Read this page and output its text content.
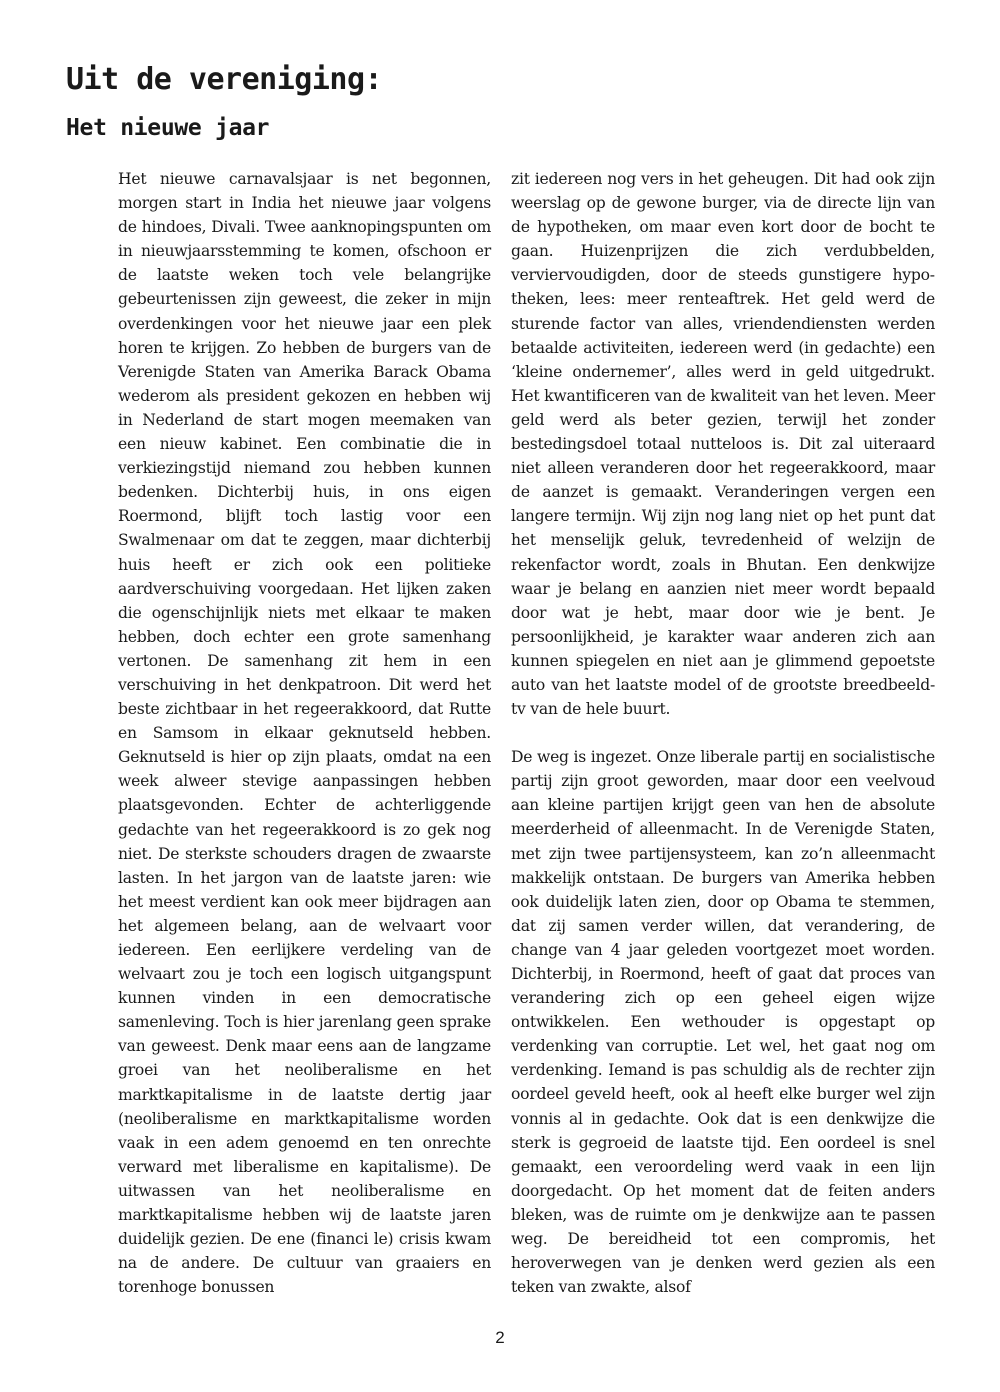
Uit de vereniging:
Het nieuwe jaar

Het nieuwe carnavalsjaar is net begonnen, morgen start in India het nieuwe jaar volgens de hindoes, Divali. Twee aanknopingspunten om in nieuwjaarsstemming te komen, ofschoon er de laatste weken toch vele belangrijke gebeurtenissen zijn geweest, die zeker in mijn overdenkingen voor het nieuwe jaar een plek horen te krijgen. Zo hebben de burgers van de Verenigde Staten van Amerika Barack Obama wederom als president gekozen en hebben wij in Nederland de start mogen meemaken van een nieuw kabinet. Een combinatie die in verkiezingstijd niemand zou hebben kunnen bedenken. Dichterbij huis, in ons eigen Roermond, blijft toch lastig voor een Swalmenaar om dat te zeggen, maar dichterbij huis heeft er zich ook een politieke aardverschuiving voorgedaan. Het lijken zaken die ogenschijnlijk niets met elkaar te maken hebben, doch echter een grote samenhang vertonen. De samenhang zit hem in een verschuiving in het denkpatroon. Dit werd het beste zichtbaar in het regeerakkoord, dat Rutte en Samsom in elkaar geknutseld hebben. Geknutseld is hier op zijn plaats, omdat na een week alweer stevige aanpassingen hebben plaatsgevonden. Echter de achterliggende gedachte van het regeerakkoord is zo gek nog niet. De sterkste schouders dragen de zwaarste lasten. In het jargon van de laatste jaren: wie het meest verdient kan ook meer bijdragen aan het algemeen belang, aan de welvaart voor iedereen. Een eerlijkere verdeling van de welvaart zou je toch een logisch uitgangspunt kunnen vinden in een democratische samenleving. Toch is hier jarenlang geen sprake van geweest. Denk maar eens aan de langzame groei van het neoliberalisme en het marktkapitalisme in de laatste dertig jaar (neoliberalisme en marktkapitalisme worden vaak in een adem genoemd en ten onrechte verward met liberalisme en kapitalisme). De uitwassen van het neoliberalisme en marktkapitalisme hebben wij de laatste jaren duidelijk gezien. De ene (financi le) crisis kwam na de andere. De cultuur van graaiers en torenhoge bonussen

zit iedereen nog vers in het geheugen. Dit had ook zijn weerslag op de gewone burger, via de directe lijn van de hypotheken, om maar even kort door de bocht te gaan. Huizenprijzen die zich verdubbelden, verviervoudigden, door de steeds gunstigere hypotheken, lees: meer renteaftrek. Het geld werd de sturende factor van alles, vriendendiensten werden betaalde activiteiten, iedereen werd (in gedachte) een ‘kleine ondernemer’, alles werd in geld uitgedrukt. Het kwantificeren van de kwaliteit van het leven. Meer geld werd als beter gezien, terwijl het zonder bestedingsdoel totaal nutteloos is. Dit zal uiteraard niet alleen veranderen door het regeerakkoord, maar de aanzet is gemaakt. Veranderingen vergen een langere termijn. Wij zijn nog lang niet op het punt dat het menselijk geluk, tevredenheid of welzijn de rekenfactor wordt, zoals in Bhutan. Een denkwijze waar je belang en aanzien niet meer wordt bepaald door wat je hebt, maar door wie je bent. Je persoonlijkheid, je karakter waar anderen zich aan kunnen spiegelen en niet aan je glimmend gepoetste auto van het laatste model of de grootste breedbeeld-tv van de hele buurt.

De weg is ingezet. Onze liberale partij en socialistische partij zijn groot geworden, maar door een veelvoud aan kleine partijen krijgt geen van hen de absolute meerderheid of alleenmacht. In de Verenigde Staten, met zijn twee partijensysteem, kan zo’n alleenmacht makkelijk ontstaan. De burgers van Amerika hebben ook duidelijk laten zien, door op Obama te stemmen, dat zij samen verder willen, dat verandering, de change van 4 jaar geleden voortgezet moet worden. Dichterbij, in Roermond, heeft of gaat dat proces van verandering zich op een geheel eigen wijze ontwikkelen. Een wethouder is opgestapt op verdenking van corruptie. Let wel, het gaat nog om verdenking. Iemand is pas schuldig als de rechter zijn oordeel geveld heeft, ook al heeft elke burger wel zijn vonnis al in gedachte. Ook dat is een denkwijze die sterk is gegroeid de laatste tijd. Een oordeel is snel gemaakt, een veroordeling werd vaak in een lijn doorgedacht. Op het moment dat de feiten anders bleken, was de ruimte om je denkwijze aan te passen weg. De bereidheid tot een compromis, het heroverwegen van je denken werd gezien als een teken van zwakte, alsof

2
